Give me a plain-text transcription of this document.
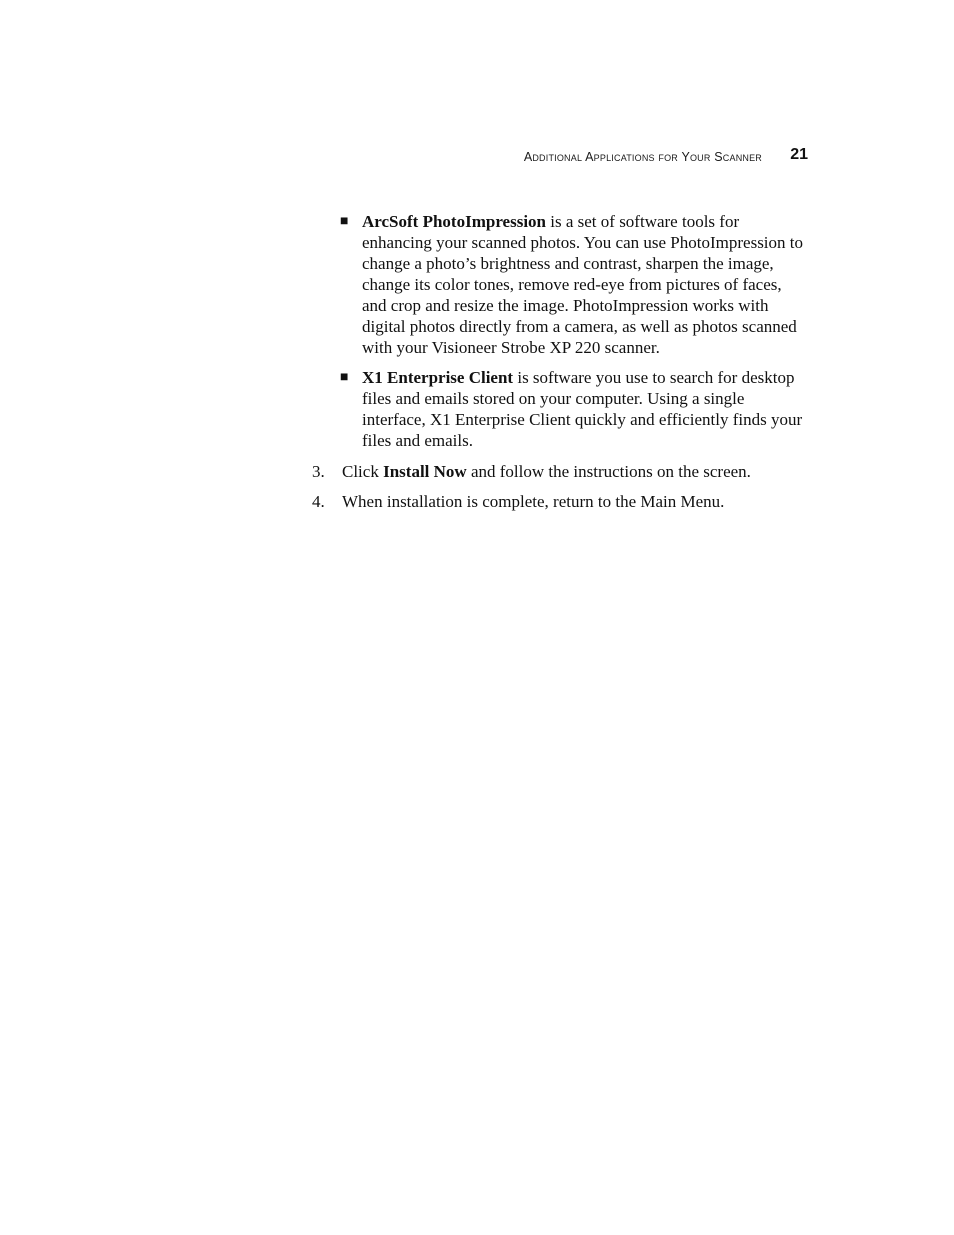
Additional Applications for Your Scanner 21
■ ArcSoft PhotoImpression is a set of software tools for enhancing your scanned photos. You can use PhotoImpression to change a photo’s brightness and contrast, sharpen the image, change its color tones, remove red-eye from pictures of faces, and crop and resize the image. PhotoImpression works with digital photos directly from a camera, as well as photos scanned with your Visioneer Strobe XP 220 scanner.
■ X1 Enterprise Client is software you use to search for desktop files and emails stored on your computer. Using a single interface, X1 Enterprise Client quickly and efficiently finds your files and emails.
3. Click Install Now and follow the instructions on the screen.
4. When installation is complete, return to the Main Menu.
